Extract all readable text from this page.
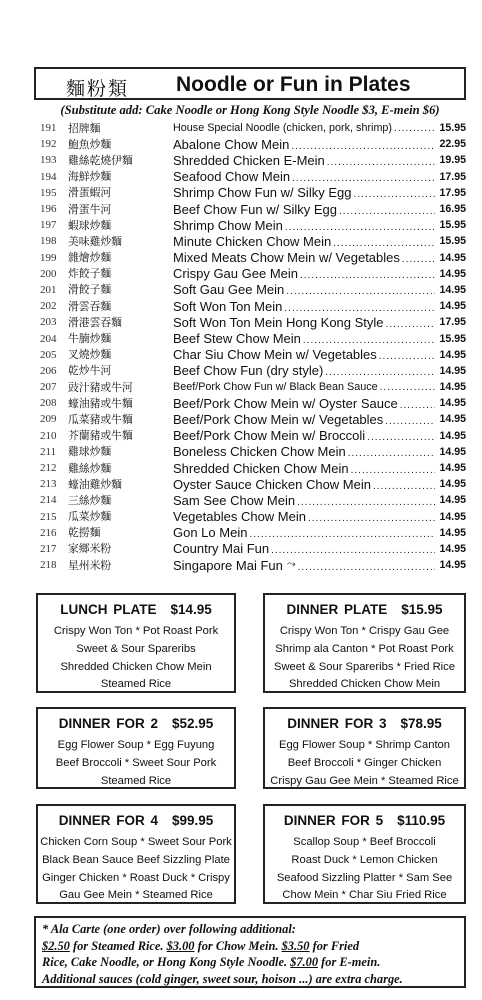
麵粉類 Noodle or Fun in Plates
(Substitute add: Cake Noodle or Hong Kong Style Noodle $3, E-mein $6)
191	招牌麵	House Special Noodle (chicken, pork, shrimp) .....	15.95
192	鮑魚炒麵	Abalone Chow Mein .....	22.95
193	雞絲乾燒伊麵	Shredded Chicken E-Mein .....	19.95
194	海鮮炒麵	Seafood Chow Mein .....	17.95
195	滑蛋蝦河	Shrimp Chow Fun w/ Silky Egg .....	17.95
196	滑蛋牛河	Beef Chow Fun w/ Silky Egg .....	16.95
197	蝦球炒麵	Shrimp Chow Mein .....	15.95
198	美味雞炒麵	Minute Chicken Chow Mein .....	15.95
199	雜燴炒麵	Mixed Meats Chow Mein w/ Vegetables .....	14.95
200	炸餃子麵	Crispy Gau Gee Mein .....	14.95
201	滑餃子麵	Soft Gau Gee Mein .....	14.95
202	滑雲吞麵	Soft Won Ton Mein .....	14.95
203	滑港雲吞麵	Soft Won Ton Mein Hong Kong Style .....	17.95
204	牛腩炒麵	Beef Stew Chow Mein .....	15.95
205	叉燒炒麵	Char Siu Chow Mein w/ Vegetables .....	14.95
206	乾炒牛河	Beef Chow Fun (dry style) .....	14.95
207	豉汁豬或牛河	Beef/Pork Chow Fun w/ Black Bean Sauce .....	14.95
208	蠔油豬或牛麵	Beef/Pork Chow Mein w/ Oyster Sauce .....	14.95
209	瓜菜豬或牛麵	Beef/Pork Chow Mein w/ Vegetables .....	14.95
210	芥蘭豬或牛麵	Beef/Pork Chow Mein w/ Broccoli .....	14.95
211	雞球炒麵	Boneless Chicken Chow Mein .....	14.95
212	雞絲炒麵	Shredded Chicken Chow Mein .....	14.95
213	蠔油雞炒麵	Oyster Sauce Chicken Chow Mein .....	14.95
214	三絲炒麵	Sam See Chow Mein .....	14.95
215	瓜菜炒麵	Vegetables Chow Mein .....	14.95
216	乾撈麵	Gon Lo Mein .....	14.95
217	家鄉米粉	Country Mai Fun .....	14.95
218	星州米粉	Singapore Mai Fun ⤳ .....	14.95
LUNCH PLATE $14.95
Crispy Won Ton * Pot Roast Pork
Sweet & Sour Spareribs
Shredded Chicken Chow Mein
Steamed Rice
DINNER PLATE $15.95
Crispy Won Ton * Crispy Gau Gee
Shrimp ala Canton * Pot Roast Pork
Sweet & Sour Spareribs * Fried Rice
Shredded Chicken Chow Mein
DINNER FOR 2 $52.95
Egg Flower Soup * Egg Fuyung
Beef Broccoli * Sweet Sour Pork
Steamed Rice
DINNER FOR 3 $78.95
Egg Flower Soup * Shrimp Canton
Beef Broccoli * Ginger Chicken
Crispy Gau Gee Mein * Steamed Rice
DINNER FOR 4 $99.95
Chicken Corn Soup * Sweet Sour Pork
Black Bean Sauce Beef Sizzling Plate
Ginger Chicken * Roast Duck * Crispy
Gau Gee Mein * Steamed Rice
DINNER FOR 5 $110.95
Scallop Soup * Beef Broccoli
Roast Duck * Lemon Chicken
Seafood Sizzling Platter * Sam See
Chow Mein * Char Siu Fried Rice
* Ala Carte (one order) over following additional:
$2.50 for Steamed Rice. $3.00 for Chow Mein. $3.50 for Fried
Rice, Cake Noodle, or Hong Kong Style Noodle. $7.00 for E-mein.
Additional sauces (cold ginger, sweet sour, hoison ...) are extra charge.
